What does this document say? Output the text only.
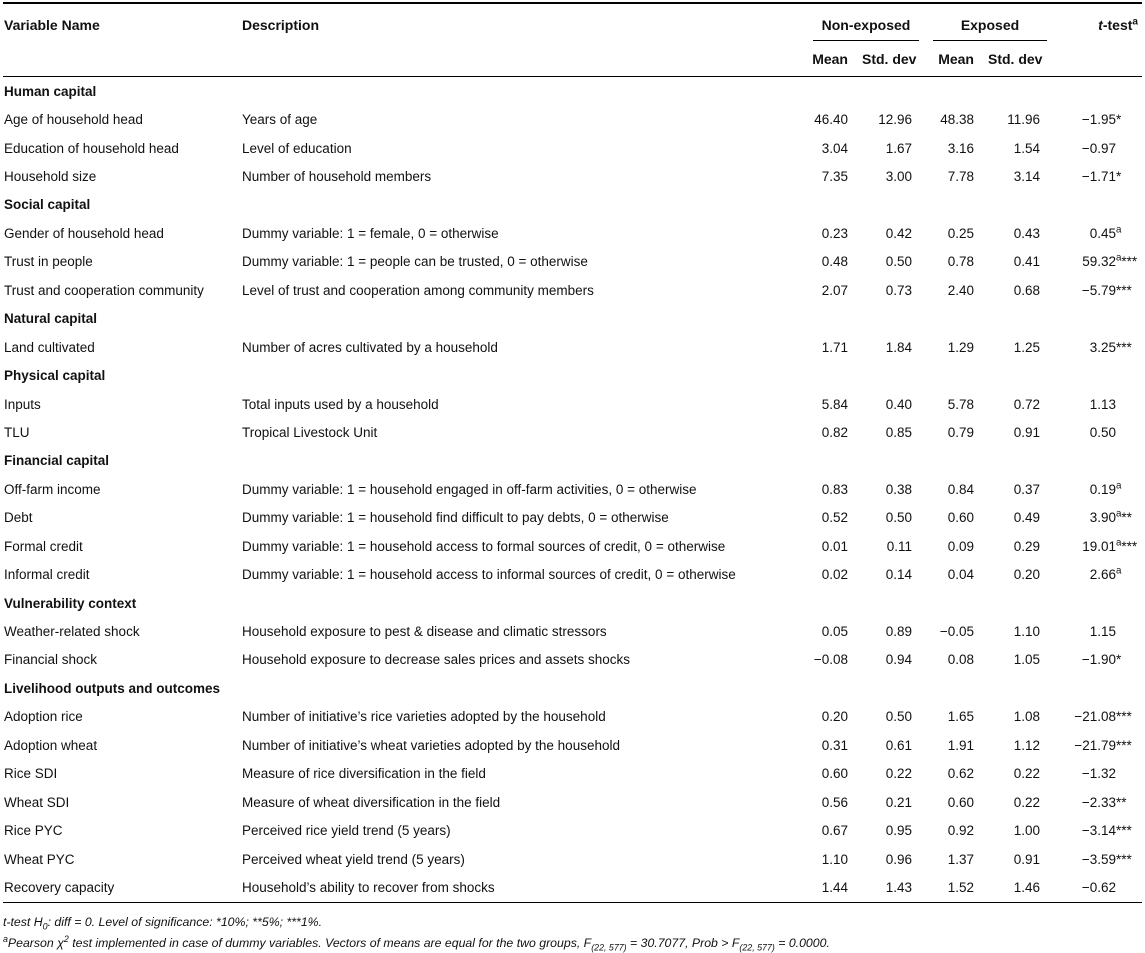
Variable Name	Description	Non-exposed		Exposed		t-test$^a$
		Mean	Std. dev	Mean	Std. dev	
Human capital						
Age of household head	Years of age	46.40	12.96	48.38	11.96	−1.95*
Education of household head	Level of education	3.04	1.67	3.16	1.54	−0.97
Household size	Number of household members	7.35	3.00	7.78	3.14	−1.71*
Social capital						
Gender of household head	Dummy variable: 1 = female, 0 = otherwise	0.23	0.42	0.25	0.43	0.45$^a$
Trust in people	Dummy variable: 1 = people can be trusted, 0 = otherwise	0.48	0.50	0.78	0.41	59.32$^a$***
Trust and cooperation community	Level of trust and cooperation among community members	2.07	0.73	2.40	0.68	−5.79***
Natural capital						
Land cultivated	Number of acres cultivated by a household	1.71	1.84	1.29	1.25	3.25***
Physical capital						
Inputs	Total inputs used by a household	5.84	0.40	5.78	0.72	1.13
TLU	Tropical Livestock Unit	0.82	0.85	0.79	0.91	0.50
Financial capital						
Off-farm income	Dummy variable: 1 = household engaged in off-farm activities, 0 = otherwise	0.83	0.38	0.84	0.37	0.19$^a$
Debt	Dummy variable: 1 = household find difficult to pay debts, 0 = otherwise	0.52	0.50	0.60	0.49	3.90$^a$**
Formal credit	Dummy variable: 1 = household access to formal sources of credit, 0 = otherwise	0.01	0.11	0.09	0.29	19.01$^a$***
Informal credit	Dummy variable: 1 = household access to informal sources of credit, 0 = otherwise	0.02	0.14	0.04	0.20	2.66$^a$
Vulnerability context						
Weather-related shock	Household exposure to pest & disease and climatic stressors	0.05	0.89	−0.05	1.10	1.15
Financial shock	Household exposure to decrease sales prices and assets shocks	−0.08	0.94	0.08	1.05	−1.90*
Livelihood outputs and outcomes						
Adoption rice	Number of initiative’s rice varieties adopted by the household	0.20	0.50	1.65	1.08	−21.08***
Adoption wheat	Number of initiative’s wheat varieties adopted by the household	0.31	0.61	1.91	1.12	−21.79***
Rice SDI	Measure of rice diversification in the field	0.60	0.22	0.62	0.22	−1.32
Wheat SDI	Measure of wheat diversification in the field	0.56	0.21	0.60	0.22	−2.33**
Rice PYC	Perceived rice yield trend (5 years)	0.67	0.95	0.92	1.00	−3.14***
Wheat PYC	Perceived wheat yield trend (5 years)	1.10	0.96	1.37	0.91	−3.59***
Recovery capacity	Household’s ability to recover from shocks	1.44	1.43	1.52	1.46	−0.62

t-test $H_0$: diff = 0. Level of significance: *10%; **5%; ***1%.

$^a$Pearson $\chi^2$ test implemented in case of dummy variables. Vectors of means are equal for the two groups, $F_{(22, 577)} = 30.7077$, Prob > $F_{(22, 577)} = 0.0000$.
